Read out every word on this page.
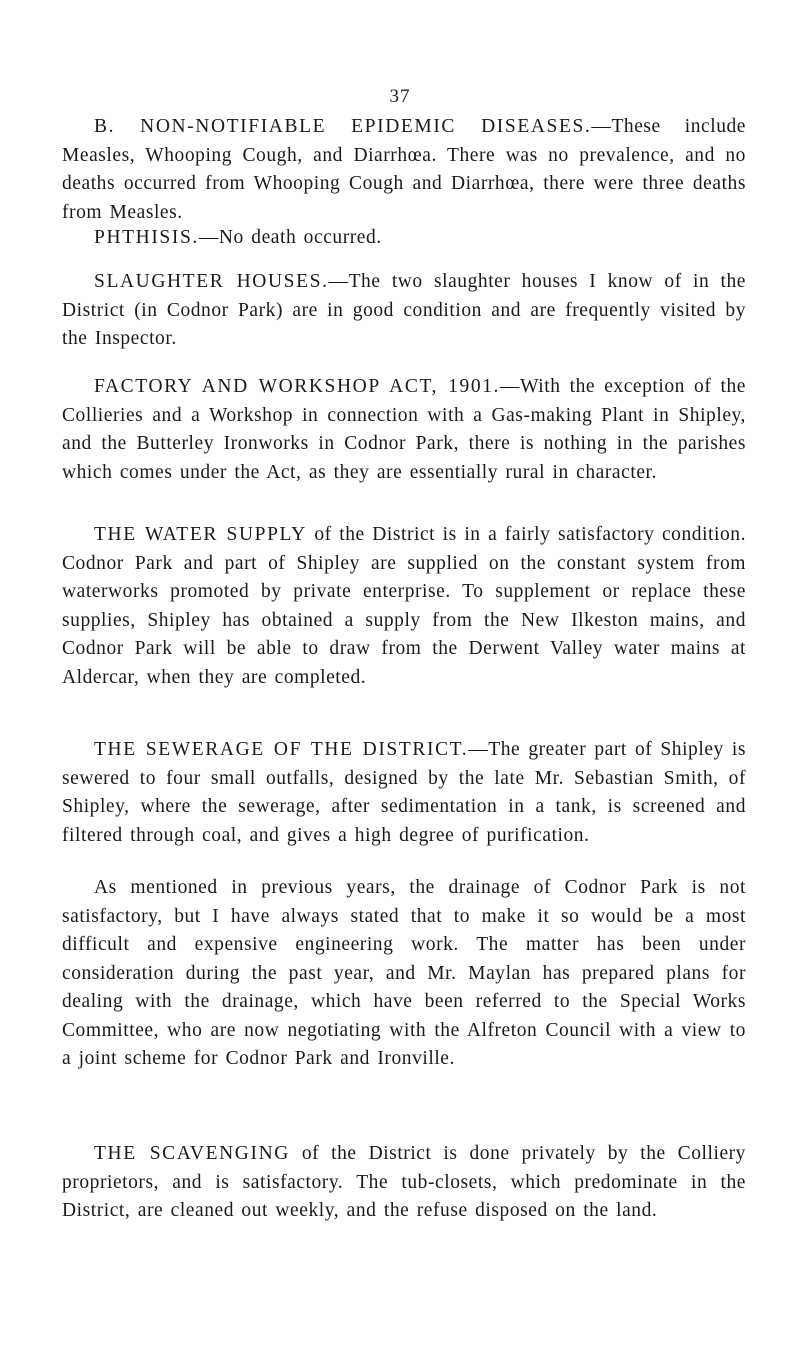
37

B. NON-NOTIFIABLE EPIDEMIC DISEASES.—These include Measles, Whooping Cough, and Diarrhœa. There was no prevalence, and no deaths occurred from Whooping Cough and Diarrhœa, there were three deaths from Measles.

PHTHISIS.—No death occurred.

SLAUGHTER HOUSES.—The two slaughter houses I know of in the District (in Codnor Park) are in good condition and are frequently visited by the Inspector.

FACTORY AND WORKSHOP ACT, 1901.—With the exception of the Collieries and a Workshop in connection with a Gas-making Plant in Shipley, and the Butterley Ironworks in Codnor Park, there is nothing in the parishes which comes under the Act, as they are essentially rural in character.

THE WATER SUPPLY of the District is in a fairly satisfactory condition. Codnor Park and part of Shipley are supplied on the constant system from waterworks promoted by private enterprise. To supplement or replace these supplies, Shipley has obtained a supply from the New Ilkeston mains, and Codnor Park will be able to draw from the Derwent Valley water mains at Aldercar, when they are completed.

THE SEWERAGE OF THE DISTRICT.—The greater part of Shipley is sewered to four small outfalls, designed by the late Mr. Sebastian Smith, of Shipley, where the sewerage, after sedimentation in a tank, is screened and filtered through coal, and gives a high degree of purification.

As mentioned in previous years, the drainage of Codnor Park is not satisfactory, but I have always stated that to make it so would be a most difficult and expensive engineering work. The matter has been under consideration during the past year, and Mr. Maylan has prepared plans for dealing with the drainage, which have been referred to the Special Works Committee, who are now negotiating with the Alfreton Council with a view to a joint scheme for Codnor Park and Ironville.

THE SCAVENGING of the District is done privately by the Colliery proprietors, and is satisfactory. The tub-closets, which predominate in the District, are cleaned out weekly, and the refuse disposed on the land.
